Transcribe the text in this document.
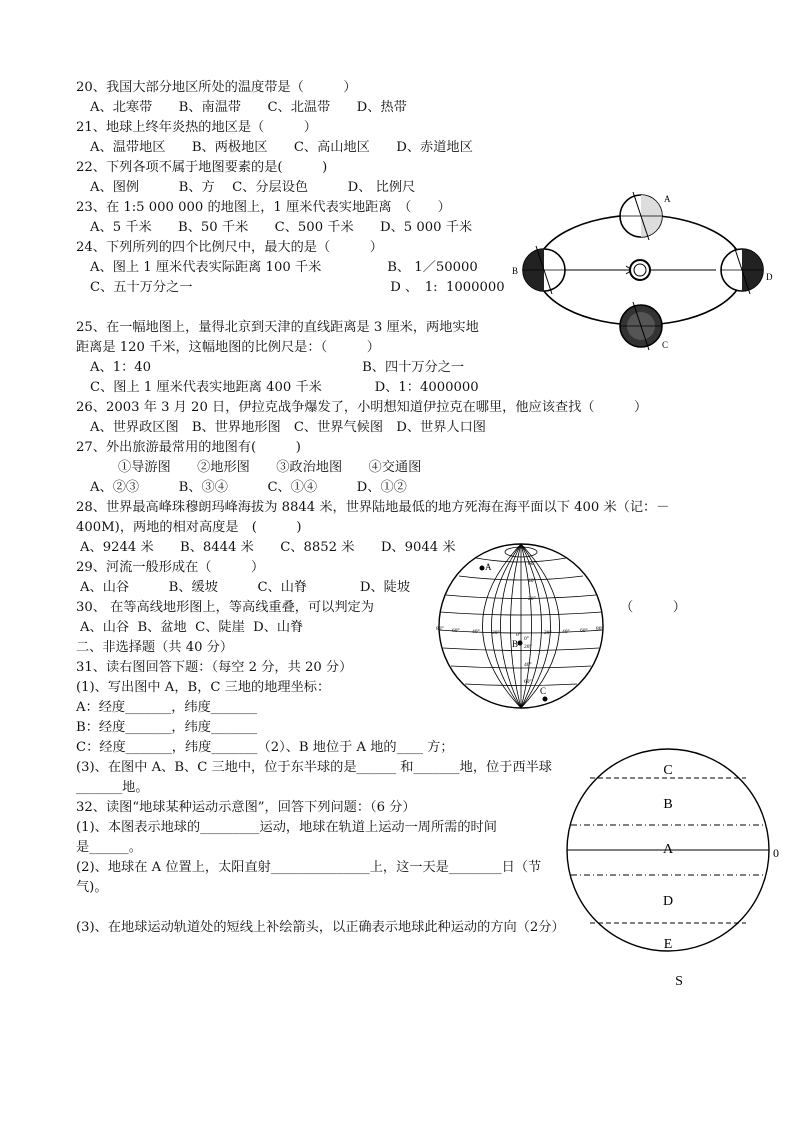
20、我国大部分地区所处的温度带是（　　　）
A、北寒带　　B、南温带　　C、北温带　　D、热带
21、地球上终年炎热的地区是（　　　）
A、温带地区　　B、两极地区　　C、高山地区　　D、赤道地区
22、下列各项不属于地图要素的是(　　　)
A、图例　　　B、方　 C、分层设色　　　D、 比例尺
23、在 1:5 000 000 的地图上，1 厘米代表实地距离　（　　）
A、5 千米　　B、50 千米　　C、500 千米　　D、5 000 千米
24、下列所列的四个比例尺中，最大的是（　　　）
A、图上 1 厘米代表实际距离 100 千米　　　　　B、 1／50000
C、五十万分之一　　　　　　　　　　　　　　　D 、　1:  1000000
25、在一幅地图上，量得北京到天津的直线距离是 3 厘米，两地实地
距离是 120 千米，这幅地图的比例尺是：（　　　）
A、1：40　　　　　　　　　　　　　　　　B、四十万分之一
C、图上 1 厘米代表实地距离 400 千米　　　　D、1：4000000
26、2003 年 3 月 20 日，伊拉克战争爆发了，小明想知道伊拉克在哪里，他应该查找（　　　）
A、世界政区图　B、世界地形图　C、世界气候图　D、世界人口图
27、外出旅游最常用的地图有(　　　)
①导游图　　②地形图　　③政治地图　　④交通图
A、②③　　　B、③④　　　C、①④　　　D、①②
28、世界最高峰珠穆朗玛峰海拔为 8844 米，世界陆地最低的地方死海在海平面以下 400 米（记：－
400M)，两地的相对高度是　(　　　)
A、9244 米　　B、8444 米　　C、8852 米　　D、9044 米
29、河流一般形成在（　　　）
A、山谷　　　B、缓坡　　　C、山脊　　　　D、陡坡
30、 在等高线地形图上，等高线重叠，可以判定为	（　　　）
A、山谷  B、盆地  C、陡崖  D、山脊
二、非选择题（共 40 分）
31、读右图回答下题：（每空 2 分，共 20 分）
(1)、写出图中 A，B，C 三地的地理坐标：
A：经度_______，纬度_______
B：经度_______，纬度_______
C：经度_______，纬度_______（2）、B 地位于 A 地的____ 方；
(3)、在图中 A、B、C 三地中，位于东半球的是______ 和_______地，位于西半球
_______地。
32、读图“地球某种运动示意图”，回答下列问题：（6 分）
(1)、本图表示地球的_________运动，地球在轨道上运动一周所需的时间
是______。
(2)、地球在 A 位置上，太阳直射_______________上，这一天是________日（节
气)。
(3)、在地球运动轨道处的短线上补绘箭头，以正确表示地球此种运动的方向（2分）
A
B
D
C
60°
40°
20°
20°
40°
60°
0°
80° 60° 40° 20°	0°	20° 40° 60° 80°
A
B
C
C
B
A
D
E
S
0
